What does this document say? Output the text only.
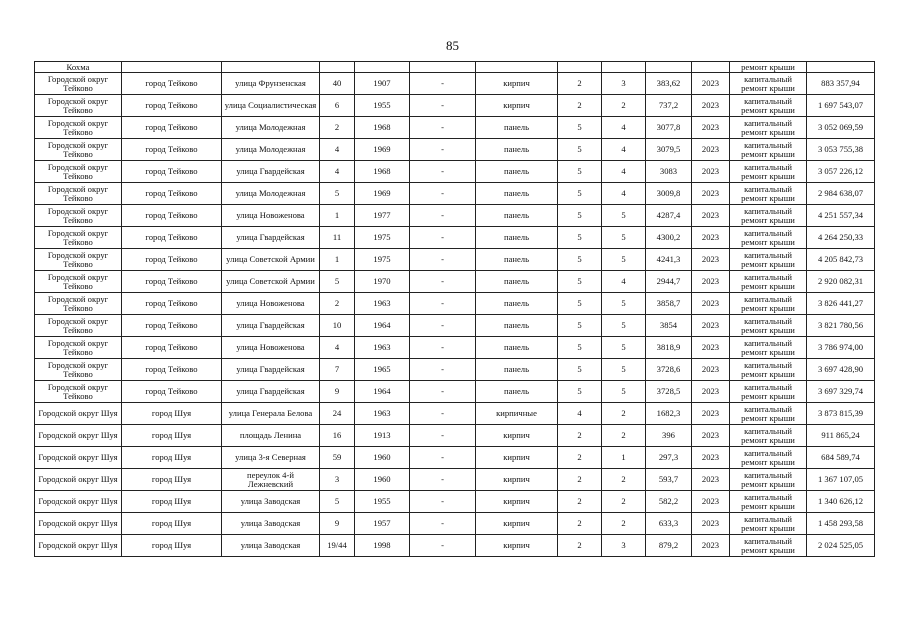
85
Кохма											ремонт крыши	
Городской округ Тейково	город Тейково	улица Фрунзенская	40	1907	-	кирпич	2	3	383,62	2023	капитальный ремонт крыши	883 357,94
Городской округ Тейково	город Тейково	улица Социалистическая	6	1955	-	кирпич	2	2	737,2	2023	капитальный ремонт крыши	1 697 543,07
Городской округ Тейково	город Тейково	улица Молодежная	2	1968	-	панель	5	4	3077,8	2023	капитальный ремонт крыши	3 052 069,59
Городской округ Тейково	город Тейково	улица Молодежная	4	1969	-	панель	5	4	3079,5	2023	капитальный ремонт крыши	3 053 755,38
Городской округ Тейково	город Тейково	улица Гвардейская	4	1968	-	панель	5	4	3083	2023	капитальный ремонт крыши	3 057 226,12
Городской округ Тейково	город Тейково	улица Молодежная	5	1969	-	панель	5	4	3009,8	2023	капитальный ремонт крыши	2 984 638,07
Городской округ Тейково	город Тейково	улица Новоженова	1	1977	-	панель	5	5	4287,4	2023	капитальный ремонт крыши	4 251 557,34
Городской округ Тейково	город Тейково	улица Гвардейская	11	1975	-	панель	5	5	4300,2	2023	капитальный ремонт крыши	4 264 250,33
Городской округ Тейково	город Тейково	улица Советской Армии	1	1975	-	панель	5	5	4241,3	2023	капитальный ремонт крыши	4 205 842,73
Городской округ Тейково	город Тейково	улица Советской Армии	5	1970	-	панель	5	4	2944,7	2023	капитальный ремонт крыши	2 920 082,31
Городской округ Тейково	город Тейково	улица Новоженова	2	1963	-	панель	5	5	3858,7	2023	капитальный ремонт крыши	3 826 441,27
Городской округ Тейково	город Тейково	улица Гвардейская	10	1964	-	панель	5	5	3854	2023	капитальный ремонт крыши	3 821 780,56
Городской округ Тейково	город Тейково	улица Новоженова	4	1963	-	панель	5	5	3818,9	2023	капитальный ремонт крыши	3 786 974,00
Городской округ Тейково	город Тейково	улица Гвардейская	7	1965	-	панель	5	5	3728,6	2023	капитальный ремонт крыши	3 697 428,90
Городской округ Тейково	город Тейково	улица Гвардейская	9	1964	-	панель	5	5	3728,5	2023	капитальный ремонт крыши	3 697 329,74
Городской округ Шуя	город Шуя	улица Генерала Белова	24	1963	-	кирпичные	4	2	1682,3	2023	капитальный ремонт крыши	3 873 815,39
Городской округ Шуя	город Шуя	площадь Ленина	16	1913	-	кирпич	2	2	396	2023	капитальный ремонт крыши	911 865,24
Городской округ Шуя	город Шуя	улица 3-я Северная	59	1960	-	кирпич	2	1	297,3	2023	капитальный ремонт крыши	684 589,74
Городской округ Шуя	город Шуя	переулок 4-й Лежневский	3	1960	-	кирпич	2	2	593,7	2023	капитальный ремонт крыши	1 367 107,05
Городской округ Шуя	город Шуя	улица Заводская	5	1955	-	кирпич	2	2	582,2	2023	капитальный ремонт крыши	1 340 626,12
Городской округ Шуя	город Шуя	улица Заводская	9	1957	-	кирпич	2	2	633,3	2023	капитальный ремонт крыши	1 458 293,58
Городской округ Шуя	город Шуя	улица Заводская	19/44	1998	-	кирпич	2	3	879,2	2023	капитальный ремонт крыши	2 024 525,05
